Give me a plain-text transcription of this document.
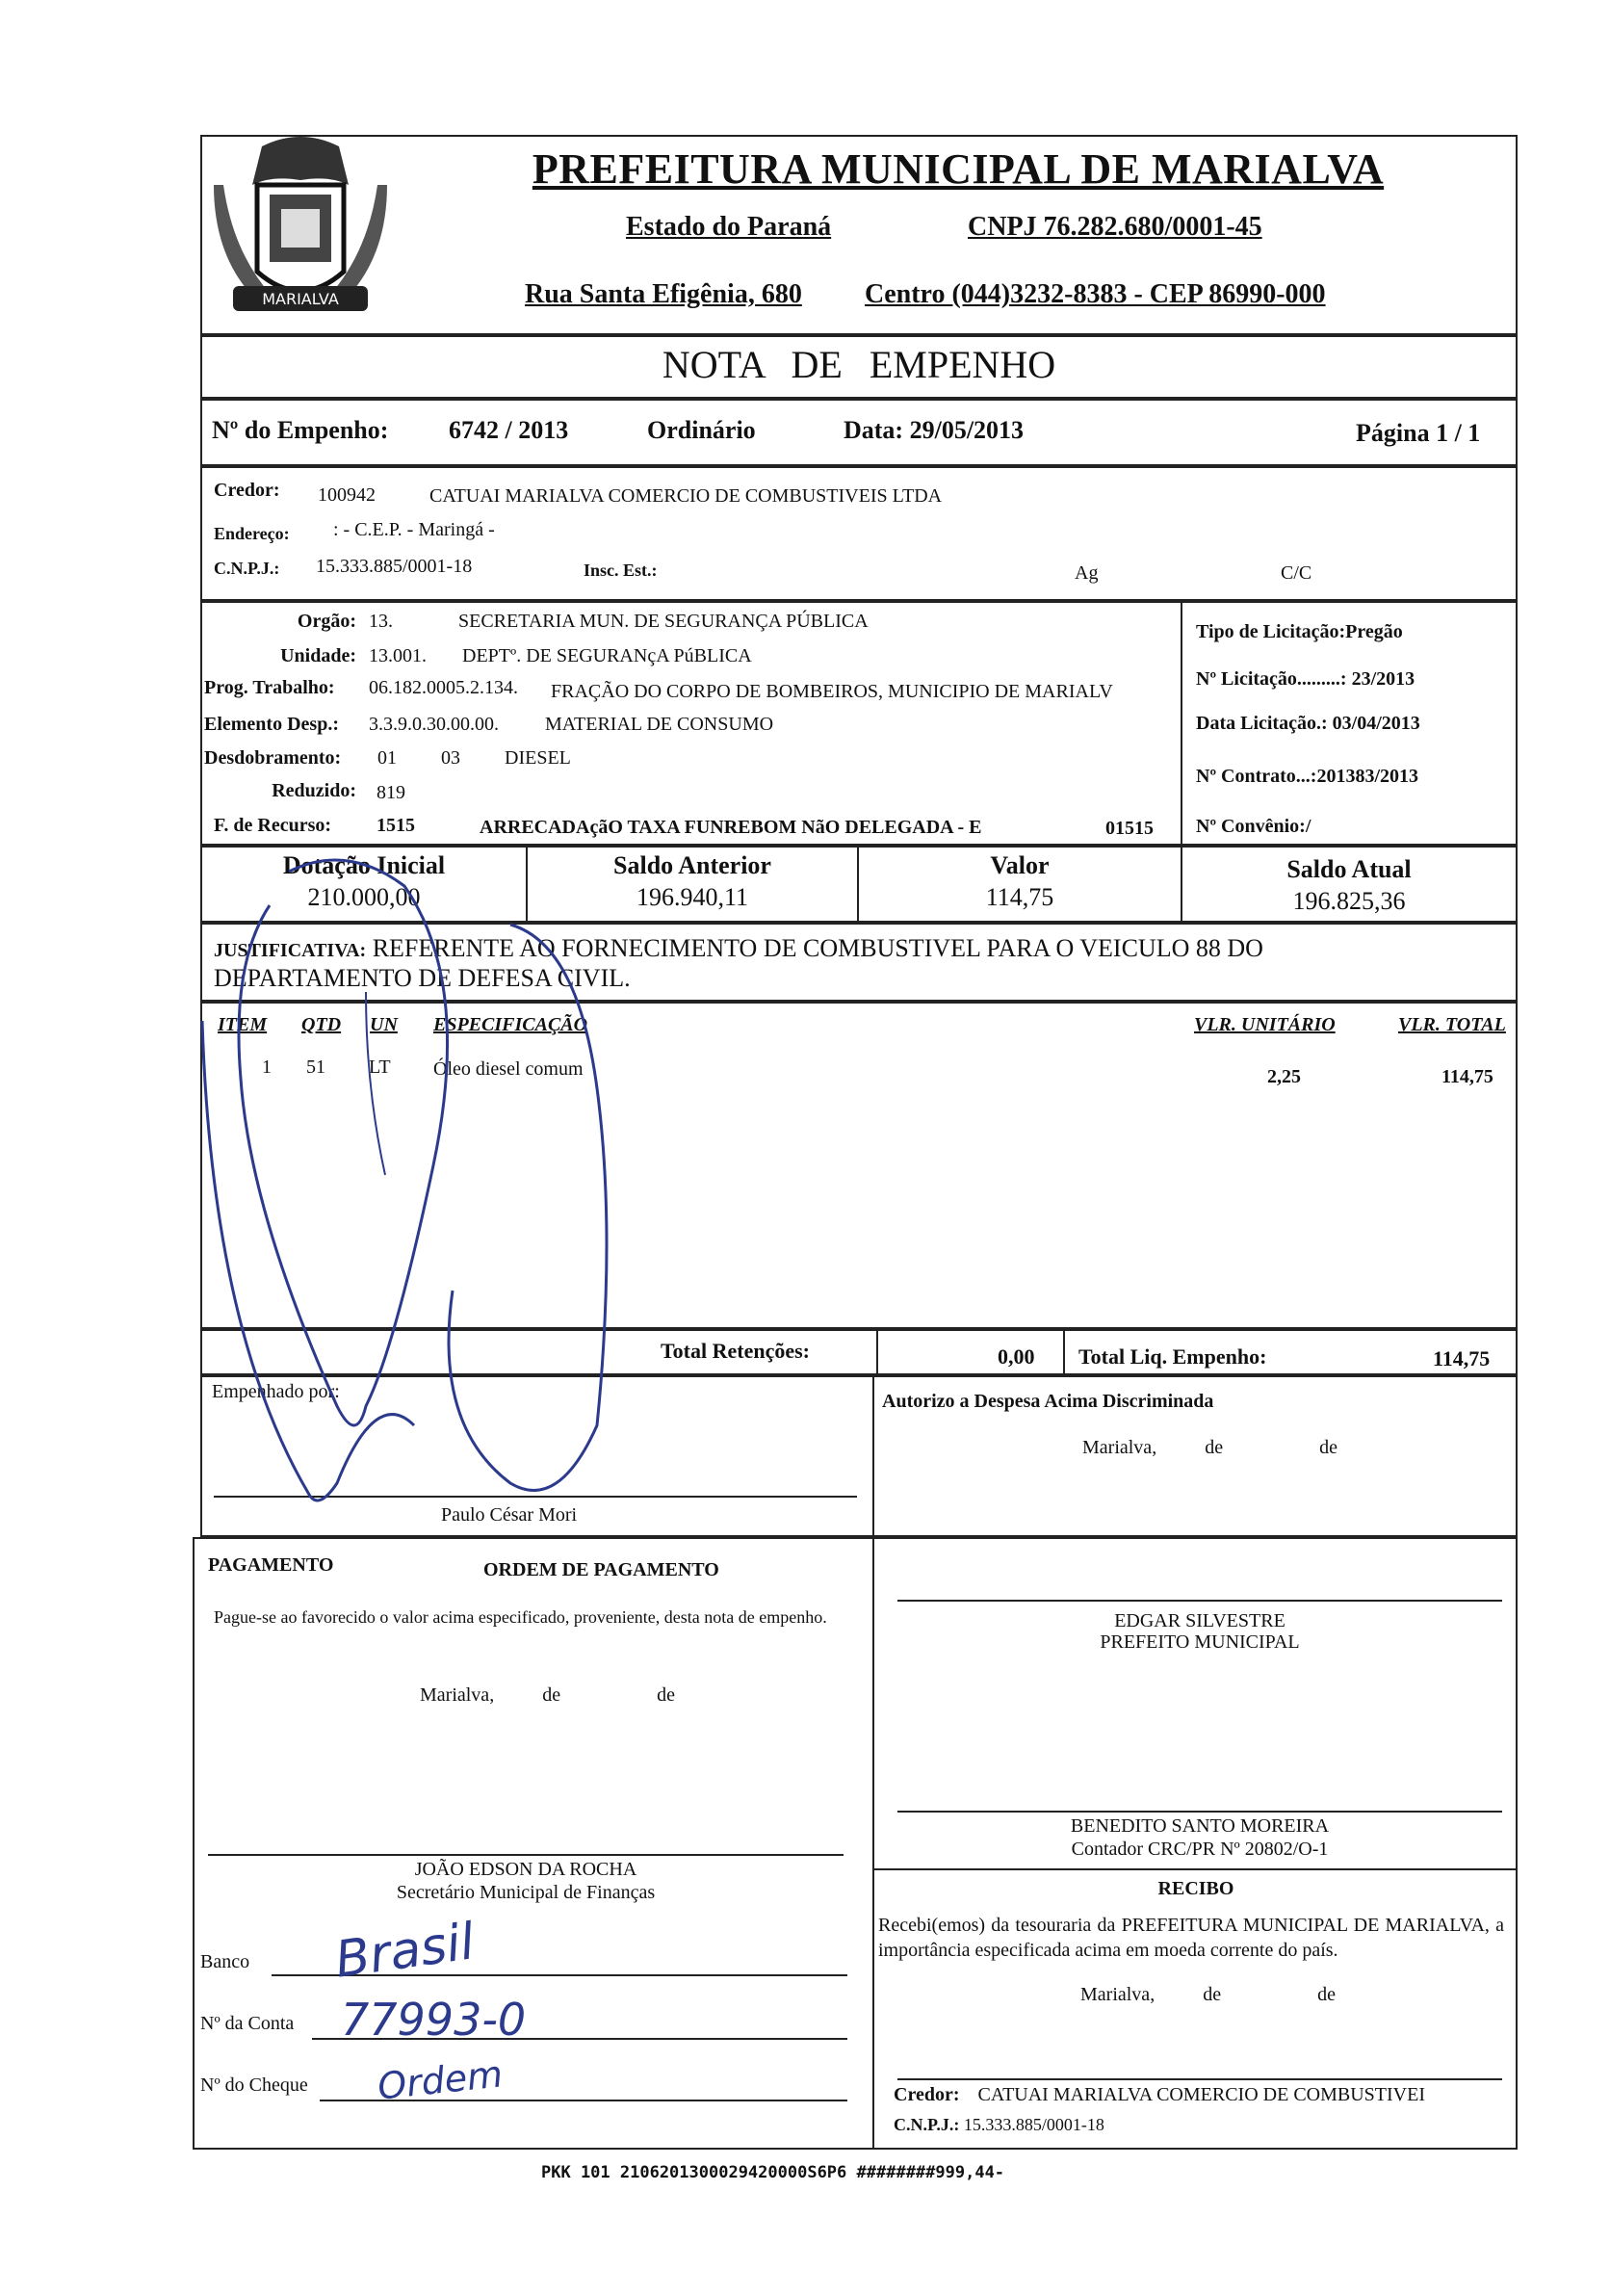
MARIALVA
PREFEITURA MUNICIPAL DE MARIALVA
Estado do Paraná	CNPJ 76.282.680/0001-45
Rua Santa Efigênia, 680 Centro (044)3232-8383 - CEP 86990-000
NOTA DE EMPENHO
Nº do Empenho: 6742 / 2013	Ordinário	Data: 29/05/2013	Página 1 / 1
Credor: 100942	CATUAI MARIALVA COMERCIO DE COMBUSTIVEIS LTDA
Endereço: : - C.E.P. - Maringá -
C.N.P.J.: 15.333.885/0001-18	Insc. Est.:	Ag	C/C
Orgão: 13.	SECRETARIA MUN. DE SEGURANÇA PÚBLICA
Unidade: 13.001. DEPTº. DE SEGURANçA PúBLICA
Prog. Trabalho: 06.182.0005.2.134. FRAÇÃO DO CORPO DE BOMBEIROS, MUNICIPIO DE MARIALV
Elemento Desp.: 3.3.9.0.30.00.00. MATERIAL DE CONSUMO
Desdobramento: 01 03 DIESEL
Reduzido: 819
F. de Recurso: 1515	ARRECADAçãO TAXA FUNREBOM NãO DELEGADA - E	01515
Tipo de Licitação:Pregão
Nº Licitação.........: 23/2013
Data Licitação.: 03/04/2013
Nº Contrato...:201383/2013
Nº Convênio:/
Dotação Inicial
210.000,00
Saldo Anterior
196.940,11
Valor
114,75
Saldo Atual
196.825,36
JUSTIFICATIVA: REFERENTE AO FORNECIMENTO DE COMBUSTIVEL PARA O VEICULO 88 DO
DEPARTAMENTO DE DEFESA CIVIL.
ITEM QTD UN ESPECIFICAÇÃO	VLR. UNITÁRIO	VLR. TOTAL
1 51 LT Óleo diesel comum	2,25	114,75
Total Retenções:	0,00 Total Liq. Empenho:	114,75
Empenhado por:
Paulo César Mori
Autorizo a Despesa Acima Discriminada
Marialva,          de                    de
PAGAMENTO	ORDEM DE PAGAMENTO
Pague-se ao favorecido o valor acima especificado, proveniente, desta nota de empenho.
Marialva,          de                    de
JOÃO EDSON DA ROCHA
Secretário Municipal de Finanças
EDGAR SILVESTRE
PREFEITO MUNICIPAL
BENEDITO SANTO MOREIRA
Contador CRC/PR Nº 20802/O-1
RECIBO
Recebi(emos) da tesouraria da PREFEITURA MUNICIPAL DE MARIALVA, a importância especificada acima em moeda corrente do país.
Marialva,          de                    de
Credor: CATUAI MARIALVA COMERCIO DE COMBUSTIVEI
C.N.P.J.: 15.333.885/0001-18
Banco Brasil
Nº da Conta 77993-0
Nº do Cheque Ordem
PKK 101 2106201300029420000S6P6 ########999,44-
